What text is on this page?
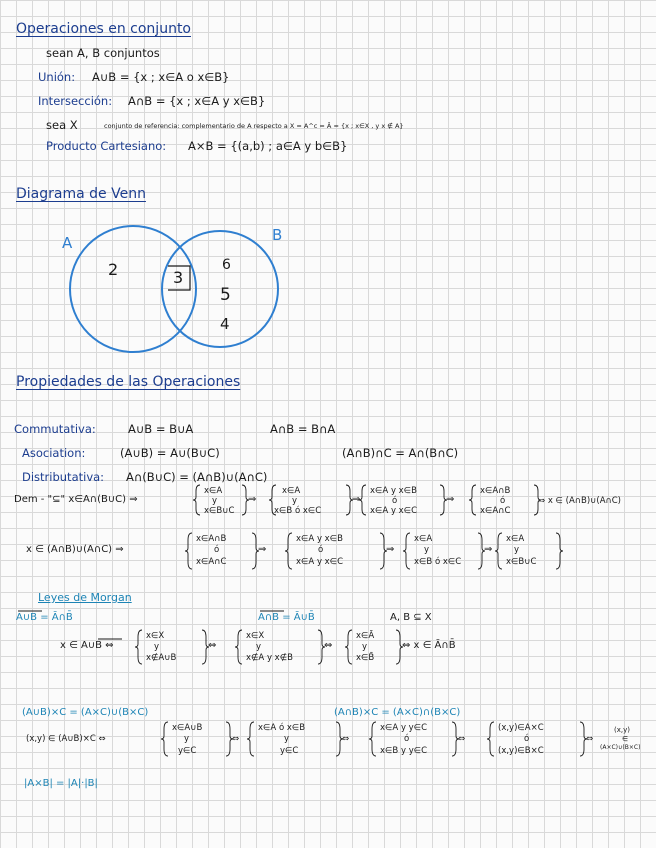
Operaciones en conjunto
sean A, B conjuntos
Unión: A∪B = {x ; x∈A o x∈B}
Intersección: A∩B = {x ; x∈A y x∈B}
sea X	conjunto de referencia: complementario de A respecto a X = A^c = Ā = {x ; x∈X , y x ∉ A}
Producto Cartesiano: A×B = {(a,b) ; a∈A y b∈B}
Diagrama de Venn
A	B
2	3
6
5
4
Propiedades de las Operaciones
Commutativa:	A∪B = B∪A	A∩B = B∩A
Asociation:	(A∪B) = A∪(B∪C)	(A∩B)∩C = A∩(B∩C)
Distributativa: A∩(B∪C) = (A∩B)∪(A∩C)
Dem - "⊆" x∈A∩(B∪C) ⇒
x∈A
y
x∈B∪C
⇒
x∈A
y
x∈B ó x∈C
⇒
x∈A y x∈B
ó
x∈A y x∈C
⇒
x∈A∩B
ó
x∈A∩C
⇒ x ∈ (A∩B)∪(A∩C)
x ∈ (A∩B)∪(A∩C) ⇒
x∈A∩B
ó
x∈A∩C
⇒
x∈A y x∈B
ó
x∈A y x∈C
⇒
x∈A
y
x∈B ó x∈C
⇒
x∈A
y
x∈B∪C
Leyes de Morgan
A∪B = Ā∩B̄	A∩B = Ā∪B̄	A, B ⊆ X
x ∈ A∪B ⇔
x∈X
y
x∉A∪B
⇔
x∈X
y
x∉A y x∉B
⇔
x∈Ā
y
x∈B̄
⇔ x ∈ Ā∩B̄
(A∪B)×C = (A×C)∪(B×C)	(A∩B)×C = (A×C)∩(B×C)
(x,y) ∈ (A∪B)×C ⇔
x∈A∪B
y
y∈C
⇔
x∈A ó x∈B
y
y∈C
⇔
x∈A y y∈C
ó
x∈B y y∈C
⇔
(x,y)∈A×C
ó
(x,y)∈B×C
⇔
(x,y)
∈
(A×C)∪(B×C)
|A×B| = |A|·|B|
